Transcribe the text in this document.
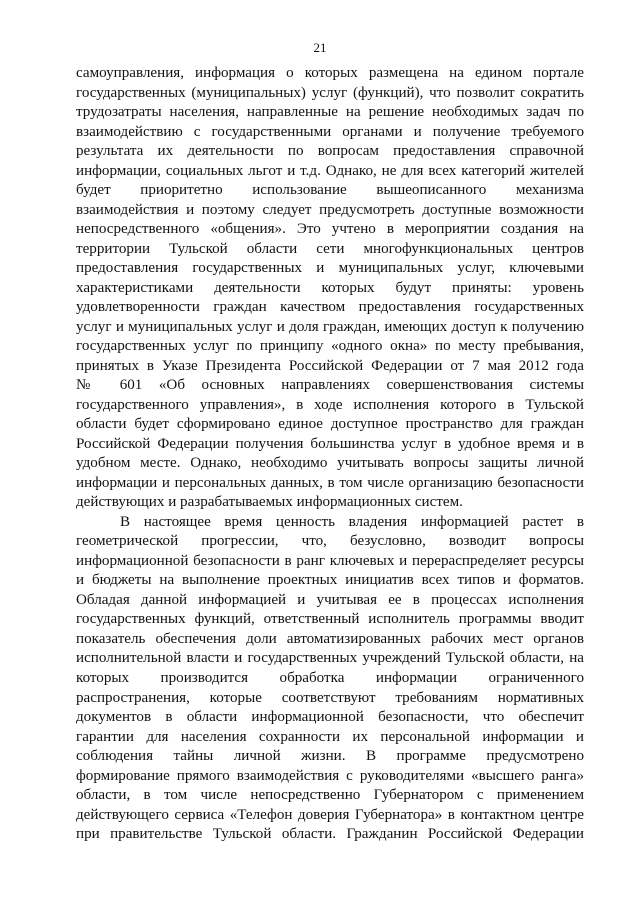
21
самоуправления, информация о которых размещена на едином портале
государственных (муниципальных) услуг (функций), что позволит сократить
трудозатраты населения, направленные на решение необходимых задач по
взаимодействию с государственными органами и получение требуемого
результата их деятельности по вопросам предоставления справочной
информации, социальных льгот и т.д. Однако, не для всех категорий жителей
будет приоритетно использование вышеописанного механизма
взаимодействия и поэтому следует предусмотреть доступные возможности
непосредственного «общения». Это учтено в мероприятии создания на
территории Тульской области сети многофункциональных центров
предоставления государственных и муниципальных услуг, ключевыми
характеристиками деятельности которых будут приняты: уровень
удовлетворенности граждан качеством предоставления государственных
услуг и муниципальных услуг и доля граждан, имеющих доступ к получению
государственных услуг по принципу «одного окна» по месту пребывания,
принятых в Указе Президента Российской Федерации от 7 мая 2012 года
№ 601 «Об основных направлениях совершенствования системы
государственного управления», в ходе исполнения которого в Тульской
области будет сформировано единое доступное пространство для граждан
Российской Федерации получения большинства услуг в удобное время и в
удобном месте. Однако, необходимо учитывать вопросы защиты личной
информации и персональных данных, в том числе организацию безопасности
действующих и разрабатываемых информационных систем.
В настоящее время ценность владения информацией растет в
геометрической прогрессии, что, безусловно, возводит вопросы
информационной безопасности в ранг ключевых и перераспределяет ресурсы
и бюджеты на выполнение проектных инициатив всех типов и форматов.
Обладая данной информацией и учитывая ее в процессах исполнения
государственных функций, ответственный исполнитель программы вводит
показатель обеспечения доли автоматизированных рабочих мест органов
исполнительной власти и государственных учреждений Тульской области, на
которых производится обработка информации ограниченного
распространения, которые соответствуют требованиям нормативных
документов в области информационной безопасности, что обеспечит
гарантии для населения сохранности их персональной информации и
соблюдения тайны личной жизни. В программе предусмотрено
формирование прямого взаимодействия с руководителями «высшего ранга»
области, в том числе непосредственно Губернатором с применением
действующего сервиса «Телефон доверия Губернатора» в контактном центре
при правительстве Тульской области. Гражданин Российской Федерации
